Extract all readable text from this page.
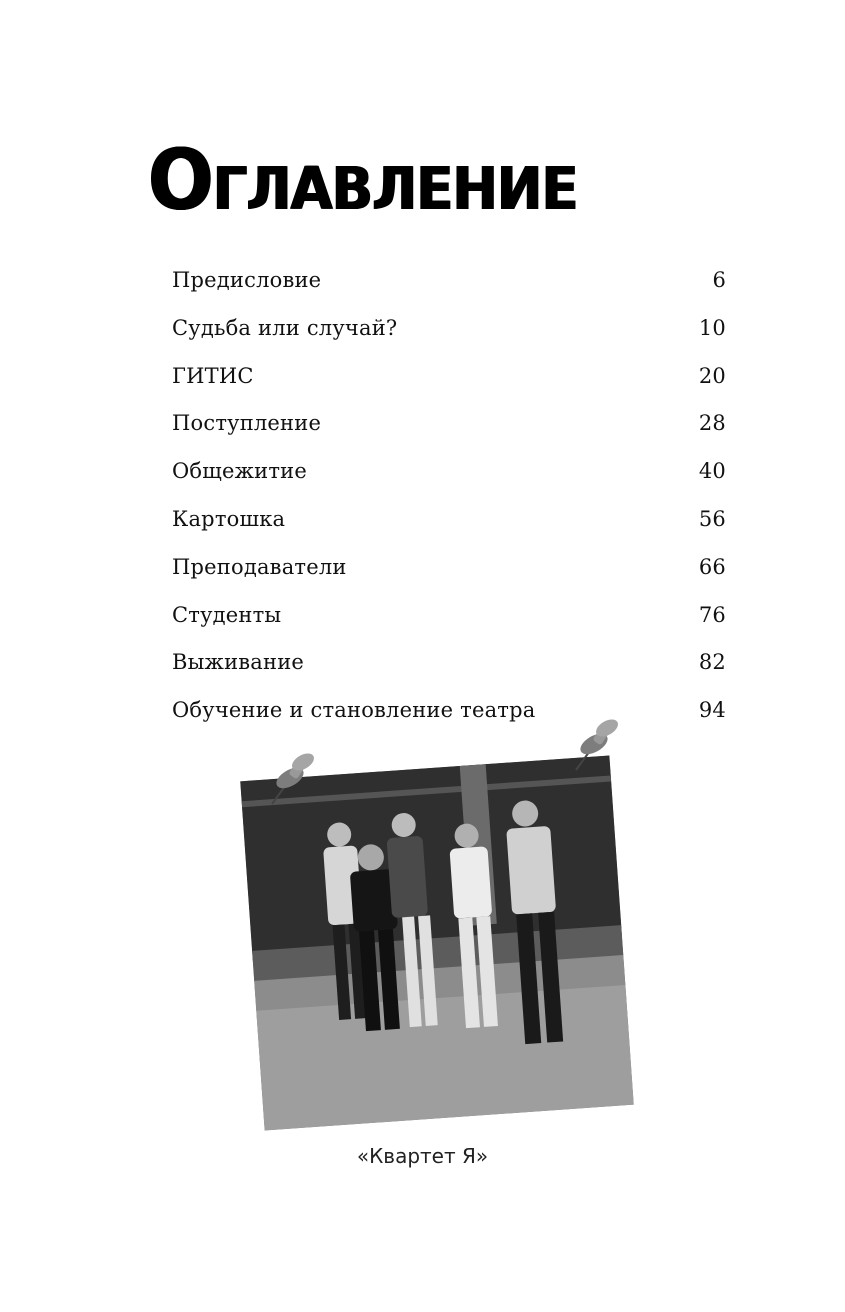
Оглавление
Предисловие	6
Судьба или случай?	10
ГИТИС	20
Поступление	28
Общежитие	40
Картошка	56
Преподаватели	66
Студенты	76
Выживание	82
Обучение и становление театра	94
«Квартет Я»
